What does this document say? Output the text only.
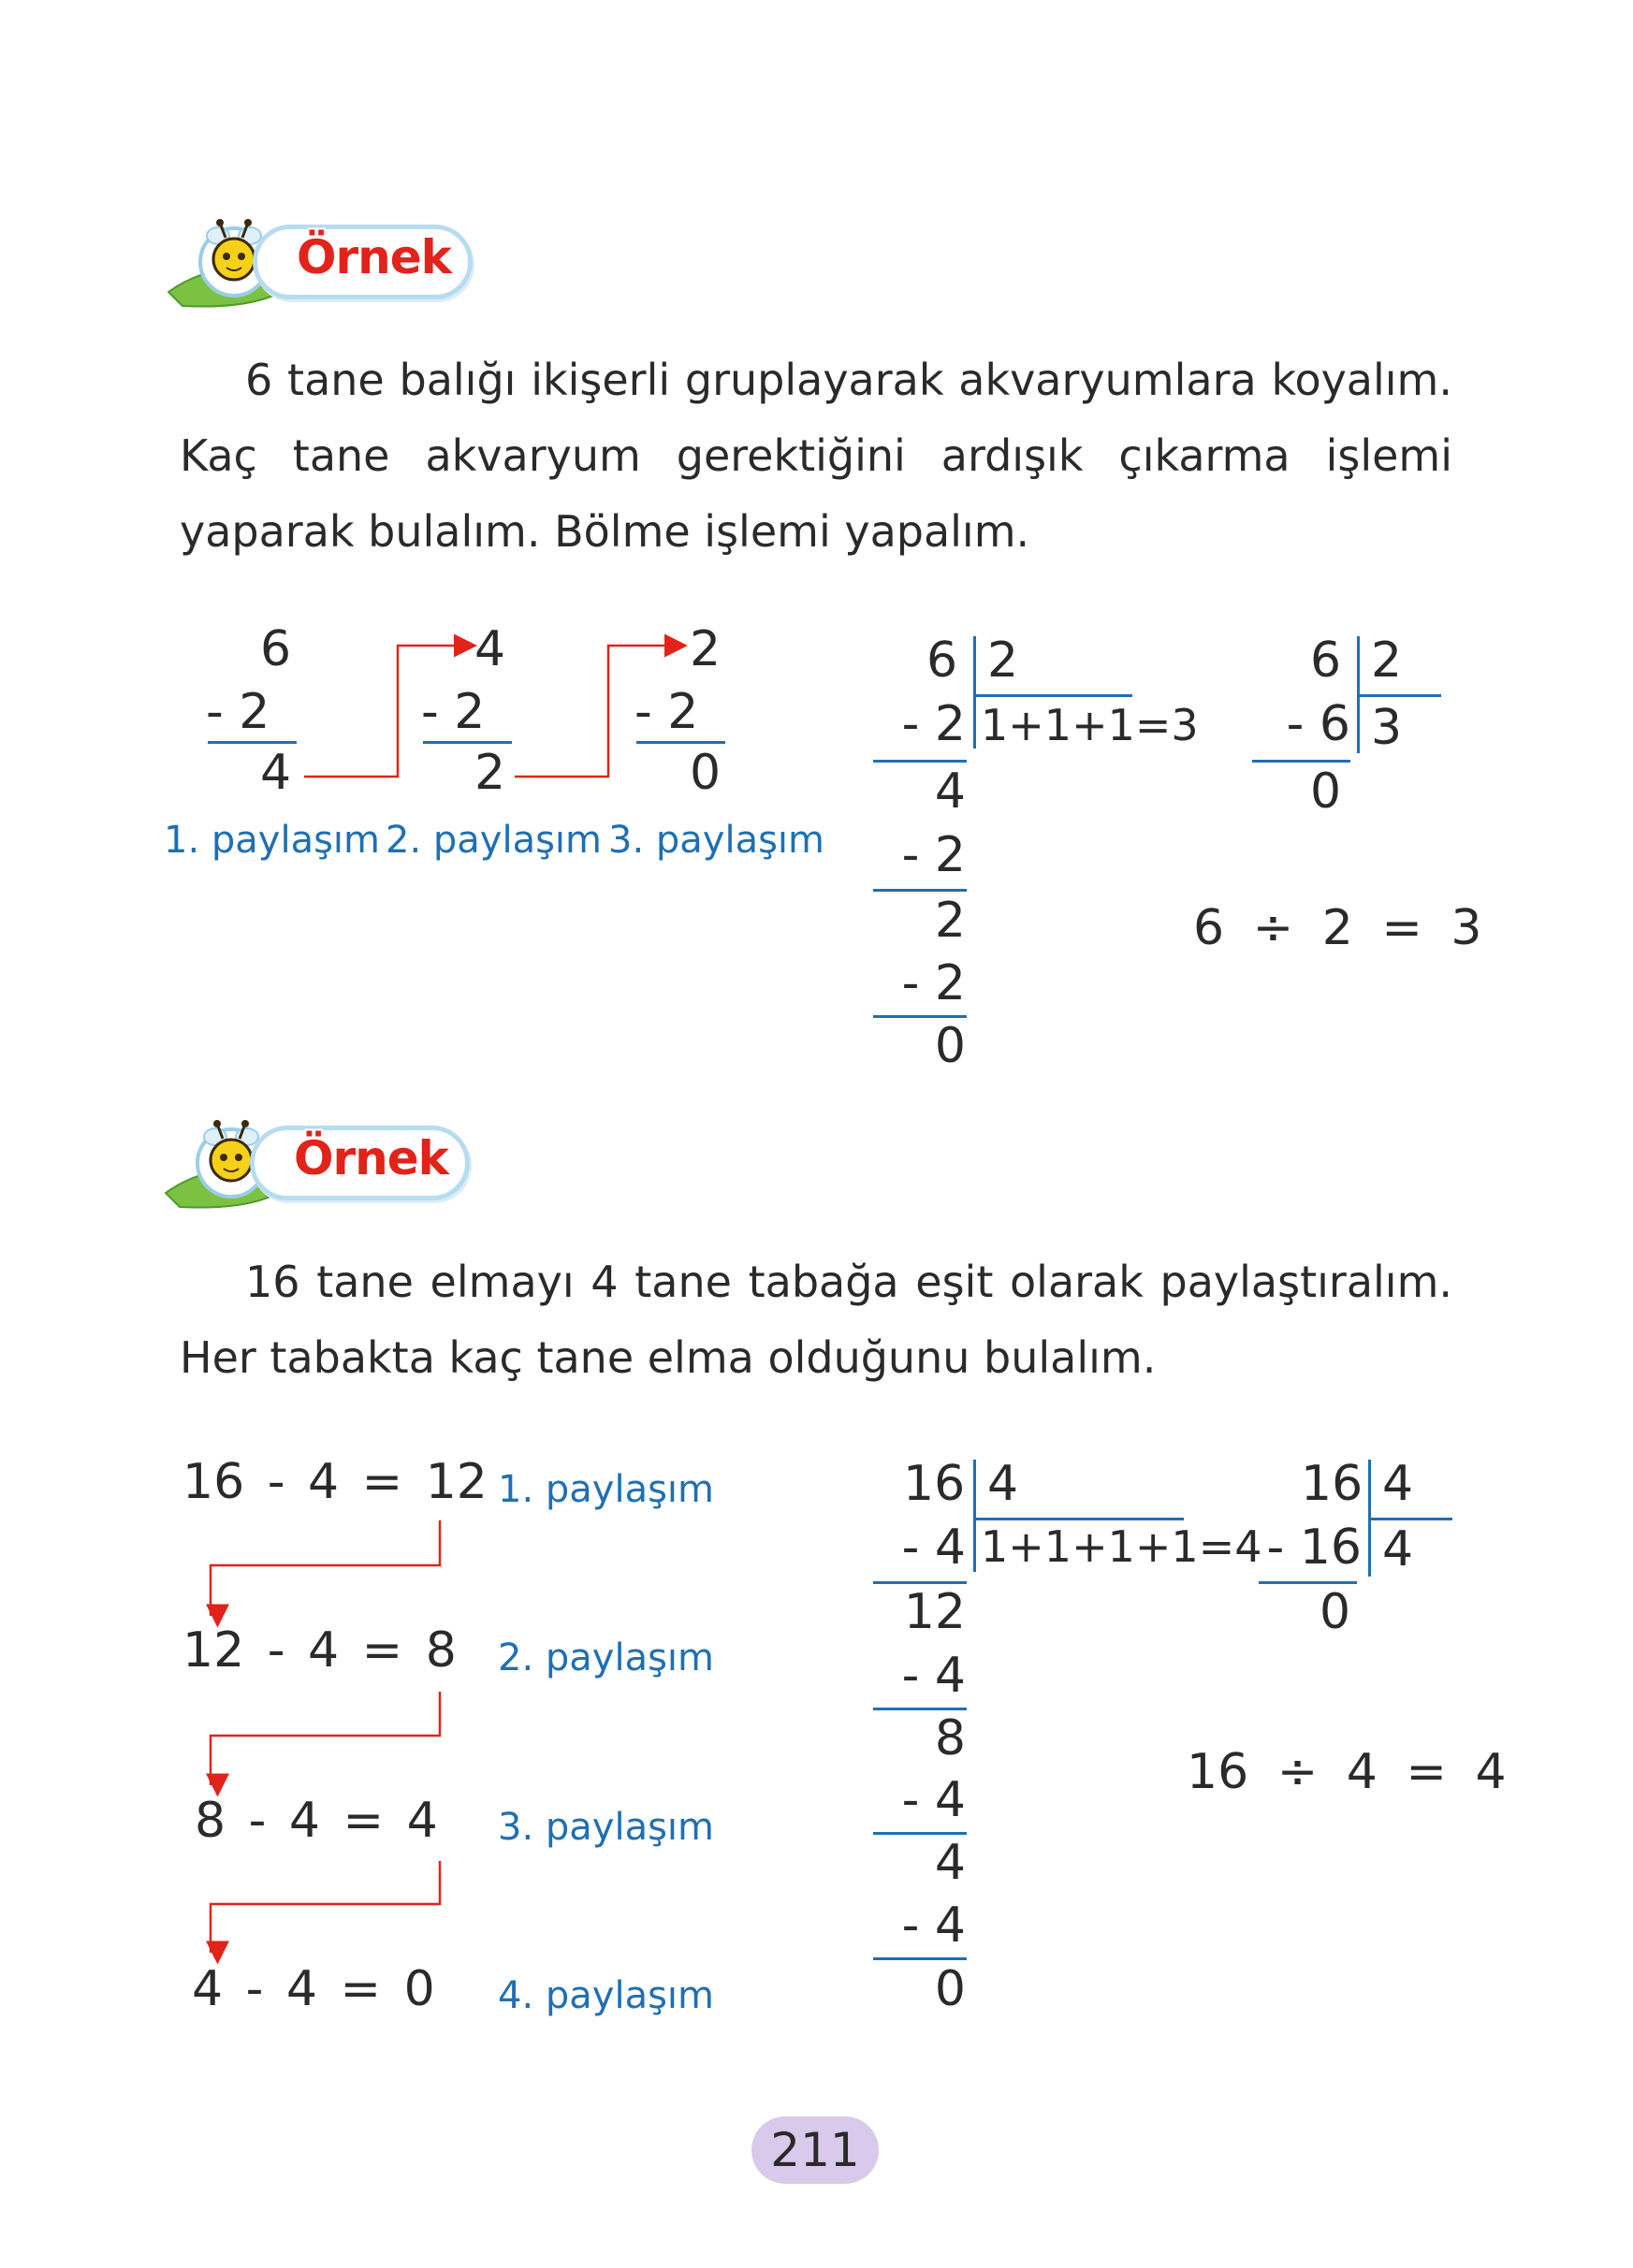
Örnek

6 tane balığı ikişerli gruplayarak akvaryumlara koyalım. Kaç tane akvaryum gerektiğini ardışık çıkarma işlemi yaparak bulalım. Bölme işlemi yapalım.

6
- 2
4
1. paylaşım
4
- 2
2
2. paylaşım
2
- 2
0
3. paylaşım
6 2
1+1+1=3
- 2
4
- 2
2
- 2
0
6 2
- 6 3
0
6 ÷ 2 = 3
Örnek

16 tane elmayı 4 tane tabağa eşit olarak paylaştıralım. Her tabakta kaç tane elma olduğunu bulalım.

16 - 4 = 12 1. paylaşım
12 - 4 = 8 2. paylaşım
8 - 4 = 4 3. paylaşım
4 - 4 = 0 4. paylaşım
16 4
1+1+1+1=4
- 4
12
- 4
8
- 4
4
- 4
0
16 4
- 16 4
0
16 ÷ 4 = 4
211
